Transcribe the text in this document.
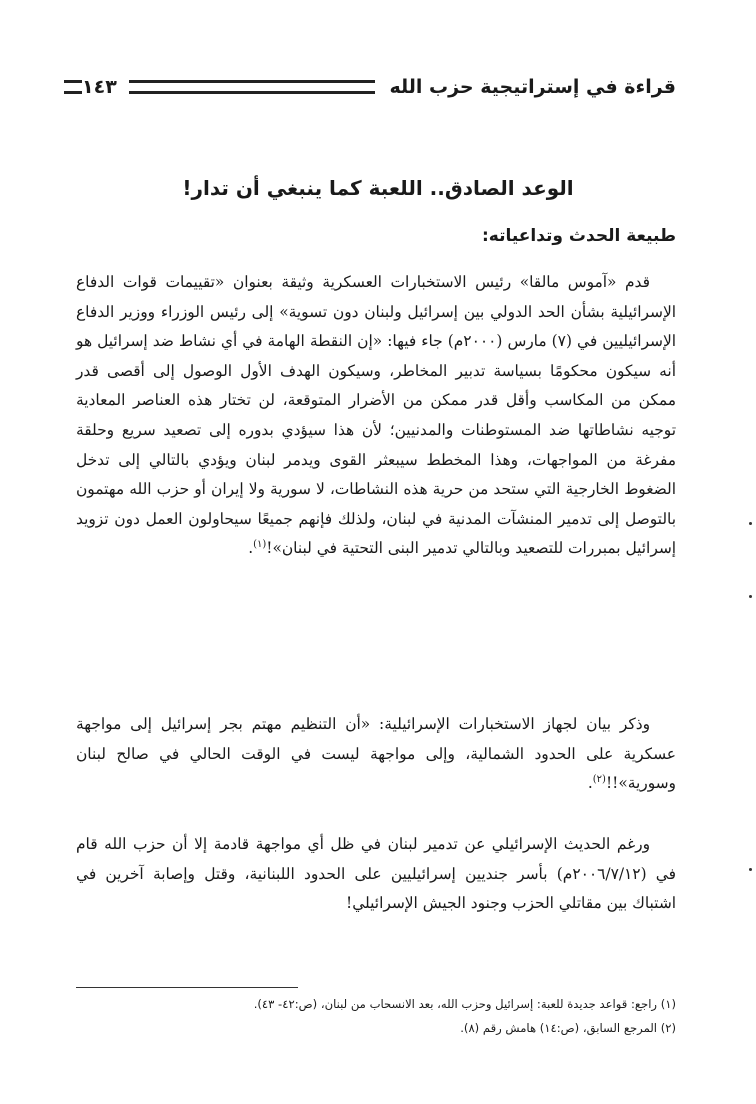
قراءة في إستراتيجية حزب الله
١٤٣
الوعد الصادق.. اللعبة كما ينبغي أن تدار!
طبيعة الحدث وتداعياته:

قدم «آموس مالقا» رئيس الاستخبارات العسكرية وثيقة بعنوان «تقييمات قوات الدفاع الإسرائيلية بشأن الحد الدولي بين إسرائيل ولبنان دون تسوية» إلى رئيس الوزراء ووزير الدفاع الإسرائيليين في (٧) مارس (٢٠٠٠م) جاء فيها: «إن النقطة الهامة في أي نشاط ضد إسرائيل هو أنه سيكون محكومًا بسياسة تدبير المخاطر، وسيكون الهدف الأول الوصول إلى أقصى قدر ممكن من المكاسب وأقل قدر ممكن من الأضرار المتوقعة، لن تختار هذه العناصر المعادية توجيه نشاطاتها ضد المستوطنات والمدنيين؛ لأن هذا سيؤدي بدوره إلى تصعيد سريع وحلقة مفرغة من المواجهات، وهذا المخطط سيبعثر القوى ويدمر لبنان ويؤدي بالتالي إلى تدخل الضغوط الخارجية التي ستحد من حرية هذه النشاطات، لا سورية ولا إيران أو حزب الله مهتمون بالتوصل إلى تدمير المنشآت المدنية في لبنان، ولذلك فإنهم جميعًا سيحاولون العمل دون تزويد إسرائيل بمبررات للتصعيد وبالتالي تدمير البنى التحتية في لبنان»!$^{(١)}$.

وذكر بيان لجهاز الاستخبارات الإسرائيلية: «أن التنظيم مهتم بجر إسرائيل إلى مواجهة عسكرية على الحدود الشمالية، وإلى مواجهة ليست في الوقت الحالي في صالح لبنان وسورية»!!$^{(٢)}$.

ورغم الحديث الإسرائيلي عن تدمير لبنان في ظل أي مواجهة قادمة إلا أن حزب الله قام في (٢٠٠٦/٧/١٢م) بأسر جنديين إسرائيليين على الحدود اللبنانية، وقتل وإصابة آخرين في اشتباك بين مقاتلي الحزب وجنود الجيش الإسرائيلي!

(١) راجع: قواعد جديدة للعبة: إسرائيل وحزب الله، بعد الانسحاب من لبنان، (ص:٤٢- ٤٣).
(٢) المرجع السابق، (ص:١٤) هامش رقم (٨).
